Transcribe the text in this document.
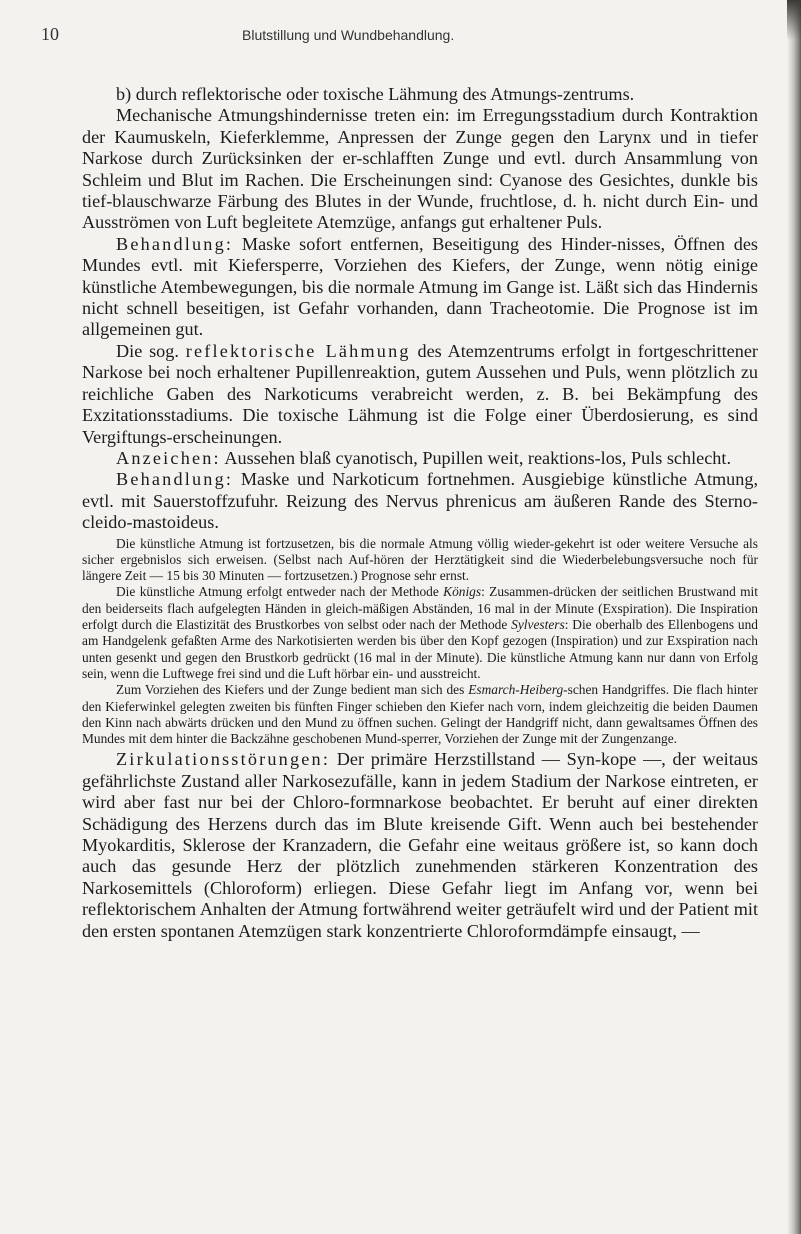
10	Blutstillung und Wundbehandlung.

b) durch reflektorische oder toxische Lähmung des Atmungs-zentrums.

Mechanische Atmungshindernisse treten ein: im Erregungsstadium durch Kontraktion der Kaumuskeln, Kieferklemme, Anpressen der Zunge gegen den Larynx und in tiefer Narkose durch Zurücksinken der er-schlafften Zunge und evtl. durch Ansammlung von Schleim und Blut im Rachen. Die Erscheinungen sind: Cyanose des Gesichtes, dunkle bis tief-blauschwarze Färbung des Blutes in der Wunde, fruchtlose, d. h. nicht durch Ein- und Ausströmen von Luft begleitete Atemzüge, anfangs gut erhaltener Puls.

Behandlung: Maske sofort entfernen, Beseitigung des Hinder-nisses, Öffnen des Mundes evtl. mit Kiefersperre, Vorziehen des Kiefers, der Zunge, wenn nötig einige künstliche Atembewegungen, bis die normale Atmung im Gange ist. Läßt sich das Hindernis nicht schnell beseitigen, ist Gefahr vorhanden, dann Tracheotomie. Die Prognose ist im allgemeinen gut.

Die sog. reflektorische Lähmung des Atemzentrums erfolgt in fortgeschrittener Narkose bei noch erhaltener Pupillenreaktion, gutem Aussehen und Puls, wenn plötzlich zu reichliche Gaben des Narkoticums verabreicht werden, z. B. bei Bekämpfung des Exzitationsstadiums. Die toxische Lähmung ist die Folge einer Überdosierung, es sind Vergiftungs-erscheinungen.

Anzeichen: Aussehen blaß cyanotisch, Pupillen weit, reaktions-los, Puls schlecht.

Behandlung: Maske und Narkoticum fortnehmen. Ausgiebige künstliche Atmung, evtl. mit Sauerstoffzufuhr. Reizung des Nervus phrenicus am äußeren Rande des Sterno-cleido-mastoideus.

Die künstliche Atmung ist fortzusetzen, bis die normale Atmung völlig wieder-gekehrt ist oder weitere Versuche als sicher ergebnislos sich erweisen. (Selbst nach Auf-hören der Herztätigkeit sind die Wiederbelebungsversuche noch für längere Zeit — 15 bis 30 Minuten — fortzusetzen.) Prognose sehr ernst.

Die künstliche Atmung erfolgt entweder nach der Methode Königs: Zusammen-drücken der seitlichen Brustwand mit den beiderseits flach aufgelegten Händen in gleich-mäßigen Abständen, 16 mal in der Minute (Exspiration). Die Inspiration erfolgt durch die Elastizität des Brustkorbes von selbst oder nach der Methode Sylvesters: Die oberhalb des Ellenbogens und am Handgelenk gefaßten Arme des Narkotisierten werden bis über den Kopf gezogen (Inspiration) und zur Exspiration nach unten gesenkt und gegen den Brustkorb gedrückt (16 mal in der Minute). Die künstliche Atmung kann nur dann von Erfolg sein, wenn die Luftwege frei sind und die Luft hörbar ein- und ausstreicht.

Zum Vorziehen des Kiefers und der Zunge bedient man sich des Esmarch-Heiberg-schen Handgriffes. Die flach hinter den Kieferwinkel gelegten zweiten bis fünften Finger schieben den Kiefer nach vorn, indem gleichzeitig die beiden Daumen den Kinn nach abwärts drücken und den Mund zu öffnen suchen. Gelingt der Handgriff nicht, dann gewaltsames Öffnen des Mundes mit dem hinter die Backzähne geschobenen Mund-sperrer, Vorziehen der Zunge mit der Zungenzange.

Zirkulationsstörungen: Der primäre Herzstillstand — Syn-kope —, der weitaus gefährlichste Zustand aller Narkosezufälle, kann in jedem Stadium der Narkose eintreten, er wird aber fast nur bei der Chloro-formnarkose beobachtet. Er beruht auf einer direkten Schädigung des Herzens durch das im Blute kreisende Gift. Wenn auch bei bestehender Myokarditis, Sklerose der Kranzadern, die Gefahr eine weitaus größere ist, so kann doch auch das gesunde Herz der plötzlich zunehmenden stärkeren Konzentration des Narkosemittels (Chloroform) erliegen. Diese Gefahr liegt im Anfang vor, wenn bei reflektorischem Anhalten der Atmung fortwährend weiter geträufelt wird und der Patient mit den ersten spontanen Atemzügen stark konzentrierte Chloroformdämpfe einsaugt, —
